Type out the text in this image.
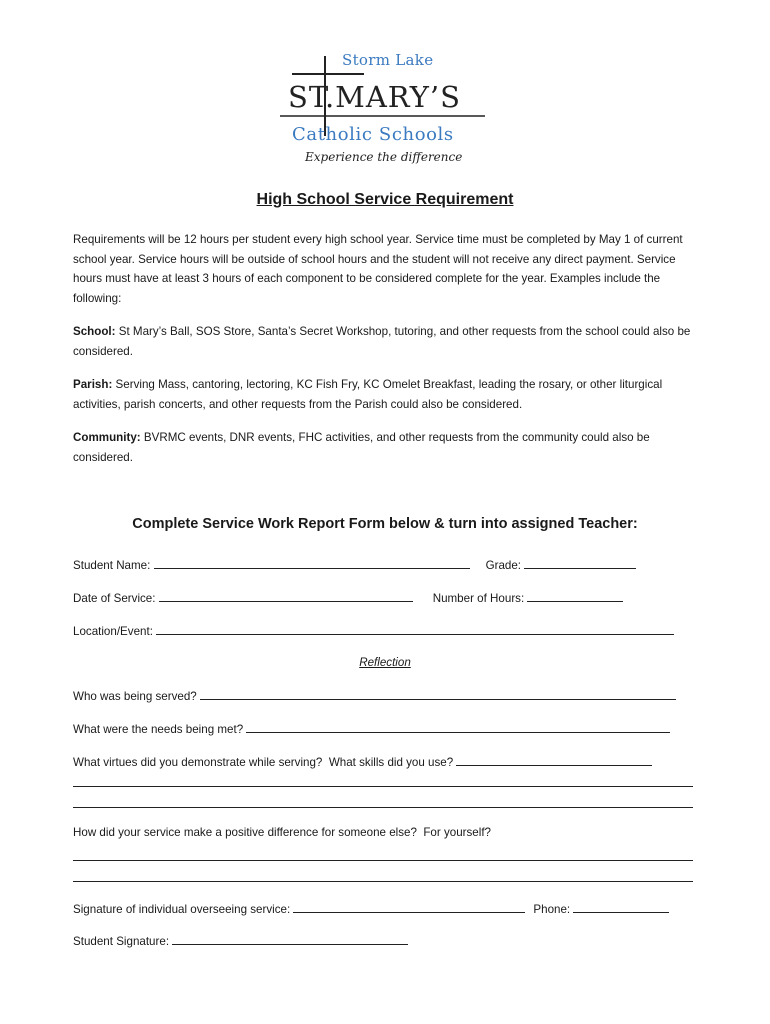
Storm Lake
ST.MARY’S
Catholic Schools
Experience the difference
High School Service Requirement
Requirements will be 12 hours per student every high school year. Service time must be completed by May 1 of current school year. Service hours will be outside of school hours and the student will not receive any direct payment. Service hours must have at least 3 hours of each component to be considered complete for the year. Examples include the following:
School: St Mary’s Ball, SOS Store, Santa’s Secret Workshop, tutoring, and other requests from the school could also be considered.
Parish: Serving Mass, cantoring, lectoring, KC Fish Fry, KC Omelet Breakfast, leading the rosary, or other liturgical activities, parish concerts, and other requests from the Parish could also be considered.
Community: BVRMC events, DNR events, FHC activities, and other requests from the community could also be considered.
Complete Service Work Report Form below & turn into assigned Teacher:
Student Name:	Grade:
Date of Service:	Number of Hours:
Location/Event:
Reflection
Who was being served?
What were the needs being met?
What virtues did you demonstrate while serving?  What skills did you use?
How did your service make a positive difference for someone else?  For yourself?
Signature of individual overseeing service:	Phone:
Student Signature:
